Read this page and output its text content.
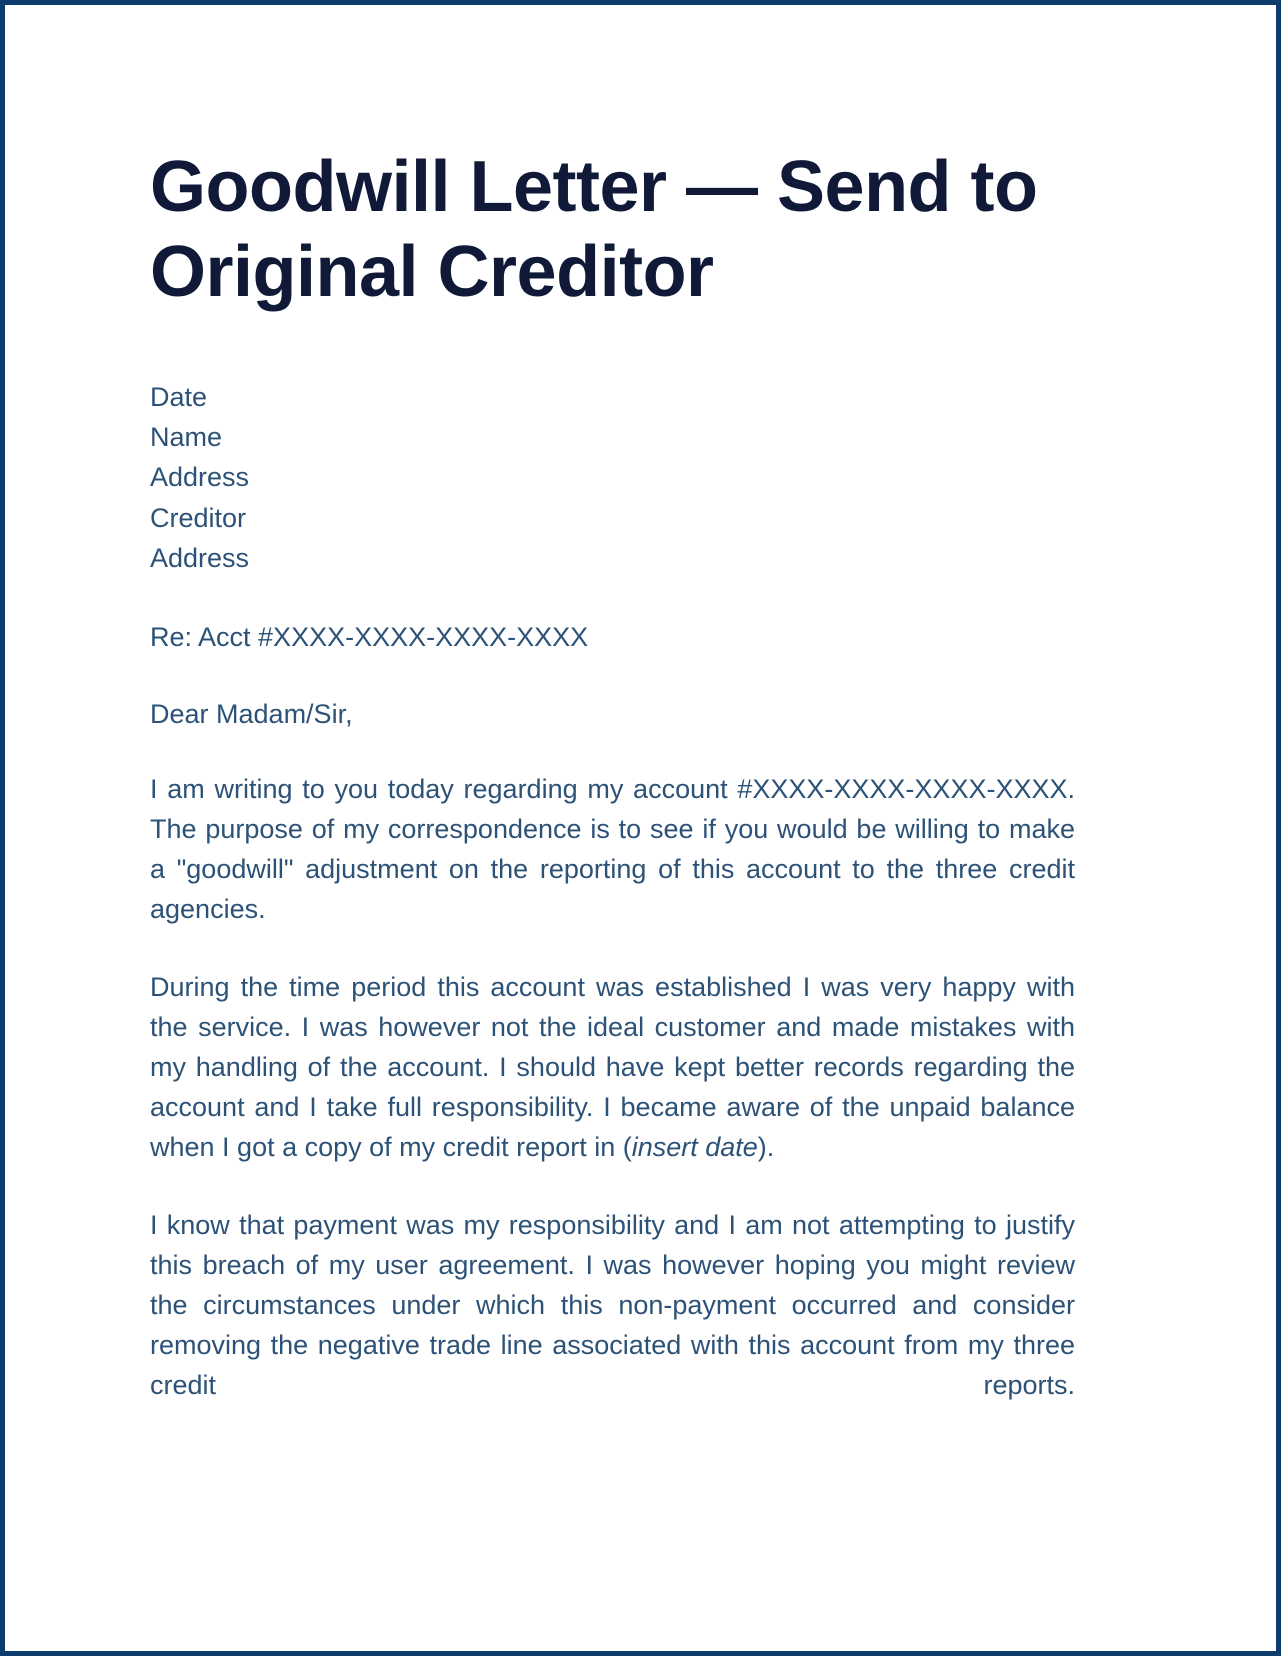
Goodwill Letter — Send to Original Creditor
Date
Name
Address
Creditor
Address
Re: Acct #XXXX-XXXX-XXXX-XXXX
Dear Madam/Sir,

I am writing to you today regarding my account #XXXX-XXXX-XXXX-XXXX. The purpose of my correspondence is to see if you would be willing to make a "goodwill" adjustment on the reporting of this account to the three credit agencies.

During the time period this account was established I was very happy with the service. I was however not the ideal customer and made mistakes with my handling of the account. I should have kept better records regarding the account and I take full responsibility. I became aware of the unpaid balance when I got a copy of my credit report in (insert date).

I know that payment was my responsibility and I am not attempting to justify this breach of my user agreement. I was however hoping you might review the circumstances under which this non-payment occurred and consider removing the negative trade line associated with this account from my three credit reports.
